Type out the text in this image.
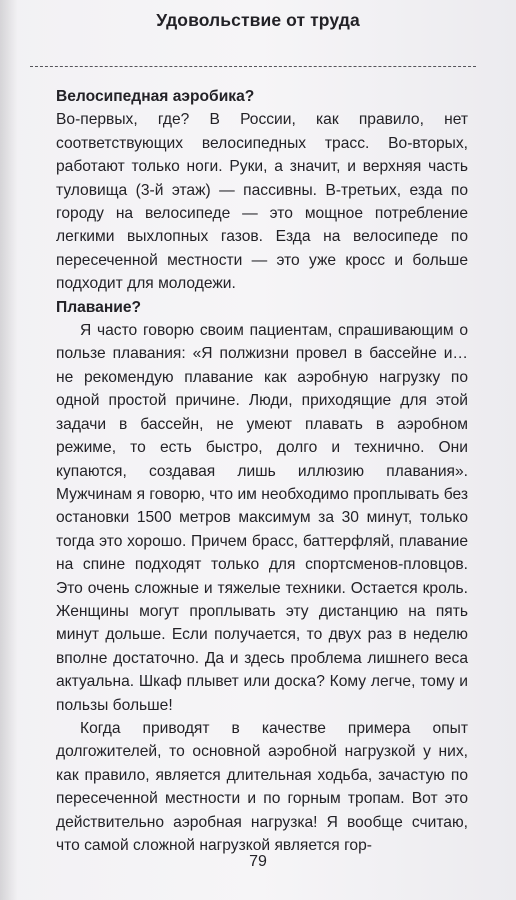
Удовольствие от труда
Велосипедная аэробика?

Во-первых, где? В России, как правило, нет соответствующих велосипедных трасс. Во-вторых, работают только ноги. Руки, а значит, и верхняя часть туловища (3-й этаж) — пассивны. В-третьих, езда по городу на велосипеде — это мощное потребление легкими выхлопных газов. Езда на велосипеде по пересеченной местности — это уже кросс и больше подходит для молодежи.

Плавание?

Я часто говорю своим пациентам, спрашивающим о пользе плавания: «Я полжизни провел в бассейне и… не рекомендую плавание как аэробную нагрузку по одной простой причине. Люди, приходящие для этой задачи в бассейн, не умеют плавать в аэробном режиме, то есть быстро, долго и технично. Они купаются, создавая лишь иллюзию плавания». Мужчинам я говорю, что им необходимо проплывать без остановки 1500 метров максимум за 30 минут, только тогда это хорошо. Причем брасс, баттерфляй, плавание на спине подходят только для спортсменов-пловцов. Это очень сложные и тяжелые техники. Остается кроль. Женщины могут проплывать эту дистанцию на пять минут дольше. Если получается, то двух раз в неделю вполне достаточно. Да и здесь проблема лишнего веса актуальна. Шкаф плывет или доска? Кому легче, тому и пользы больше!

Когда приводят в качестве примера опыт долгожителей, то основной аэробной нагрузкой у них, как правило, является длительная ходьба, зачастую по пересеченной местности и по горным тропам. Вот это действительно аэробная нагрузка! Я вообще считаю, что самой сложной нагрузкой является гор-

79
